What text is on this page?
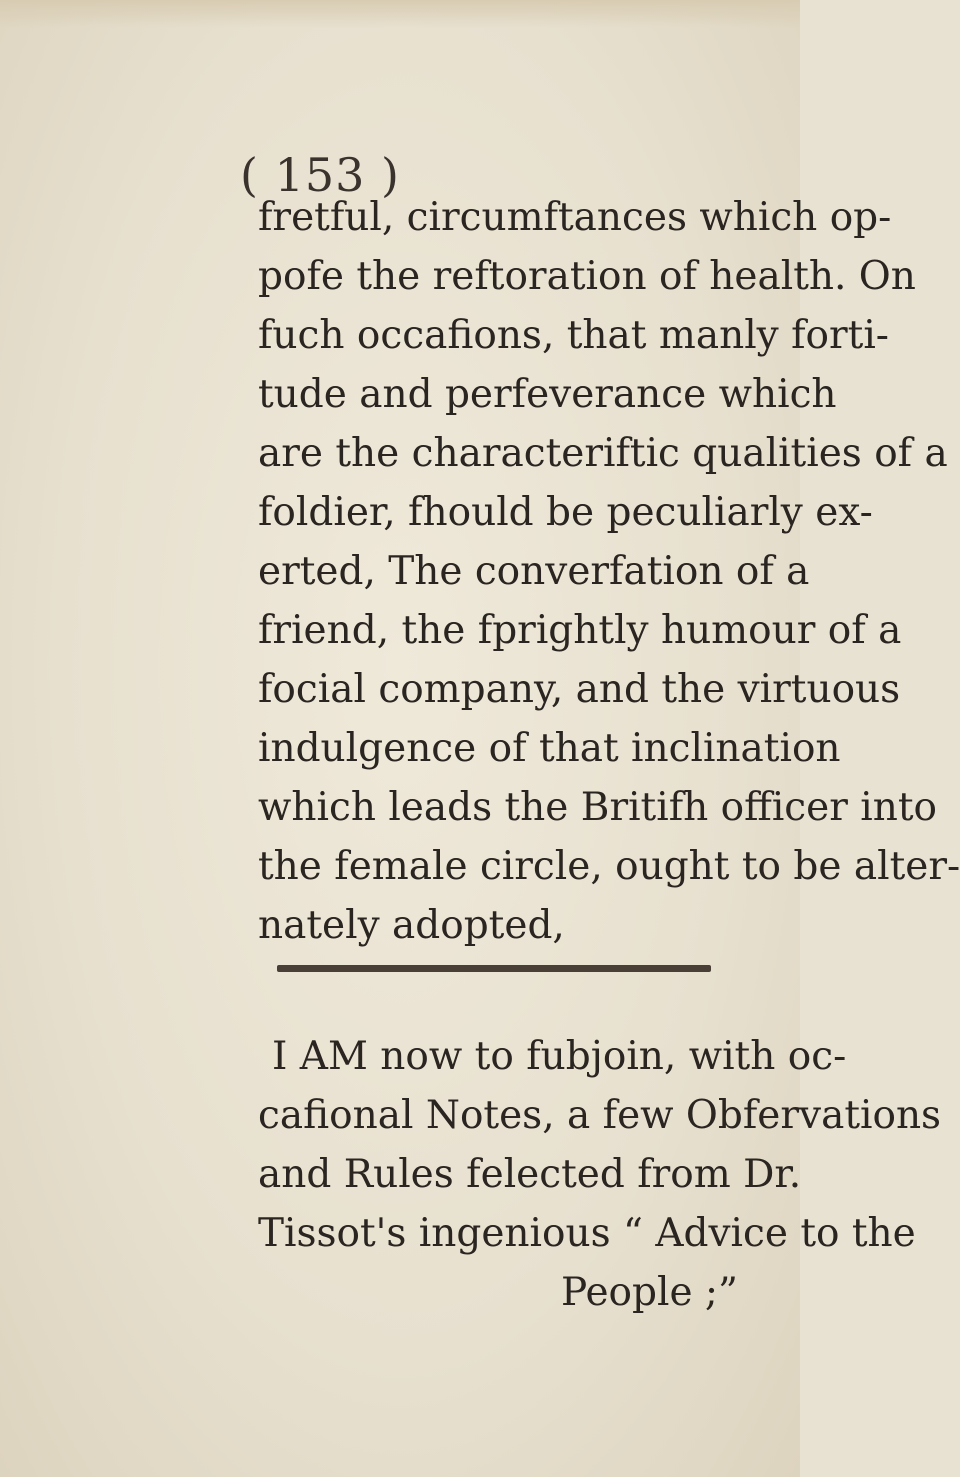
( 153 )
fretful, circumftances which op-
pofe the reftoration of health. On
fuch occafions, that manly forti-
tude and perfeverance which
are the characteriftic qualities of a
foldier, fhould be peculiarly ex-
erted, The converfation of a
friend, the fprightly humour of a
focial company, and the virtuous
indulgence of that inclination
which leads the Britifh officer into
the female circle, ought to be alter-
nately adopted,
I AM now to fubjoin, with oc-
cafional Notes, a few Obfervations
and Rules felected from Dr.
Tissot's ingenious “ Advice to the
People ;”
